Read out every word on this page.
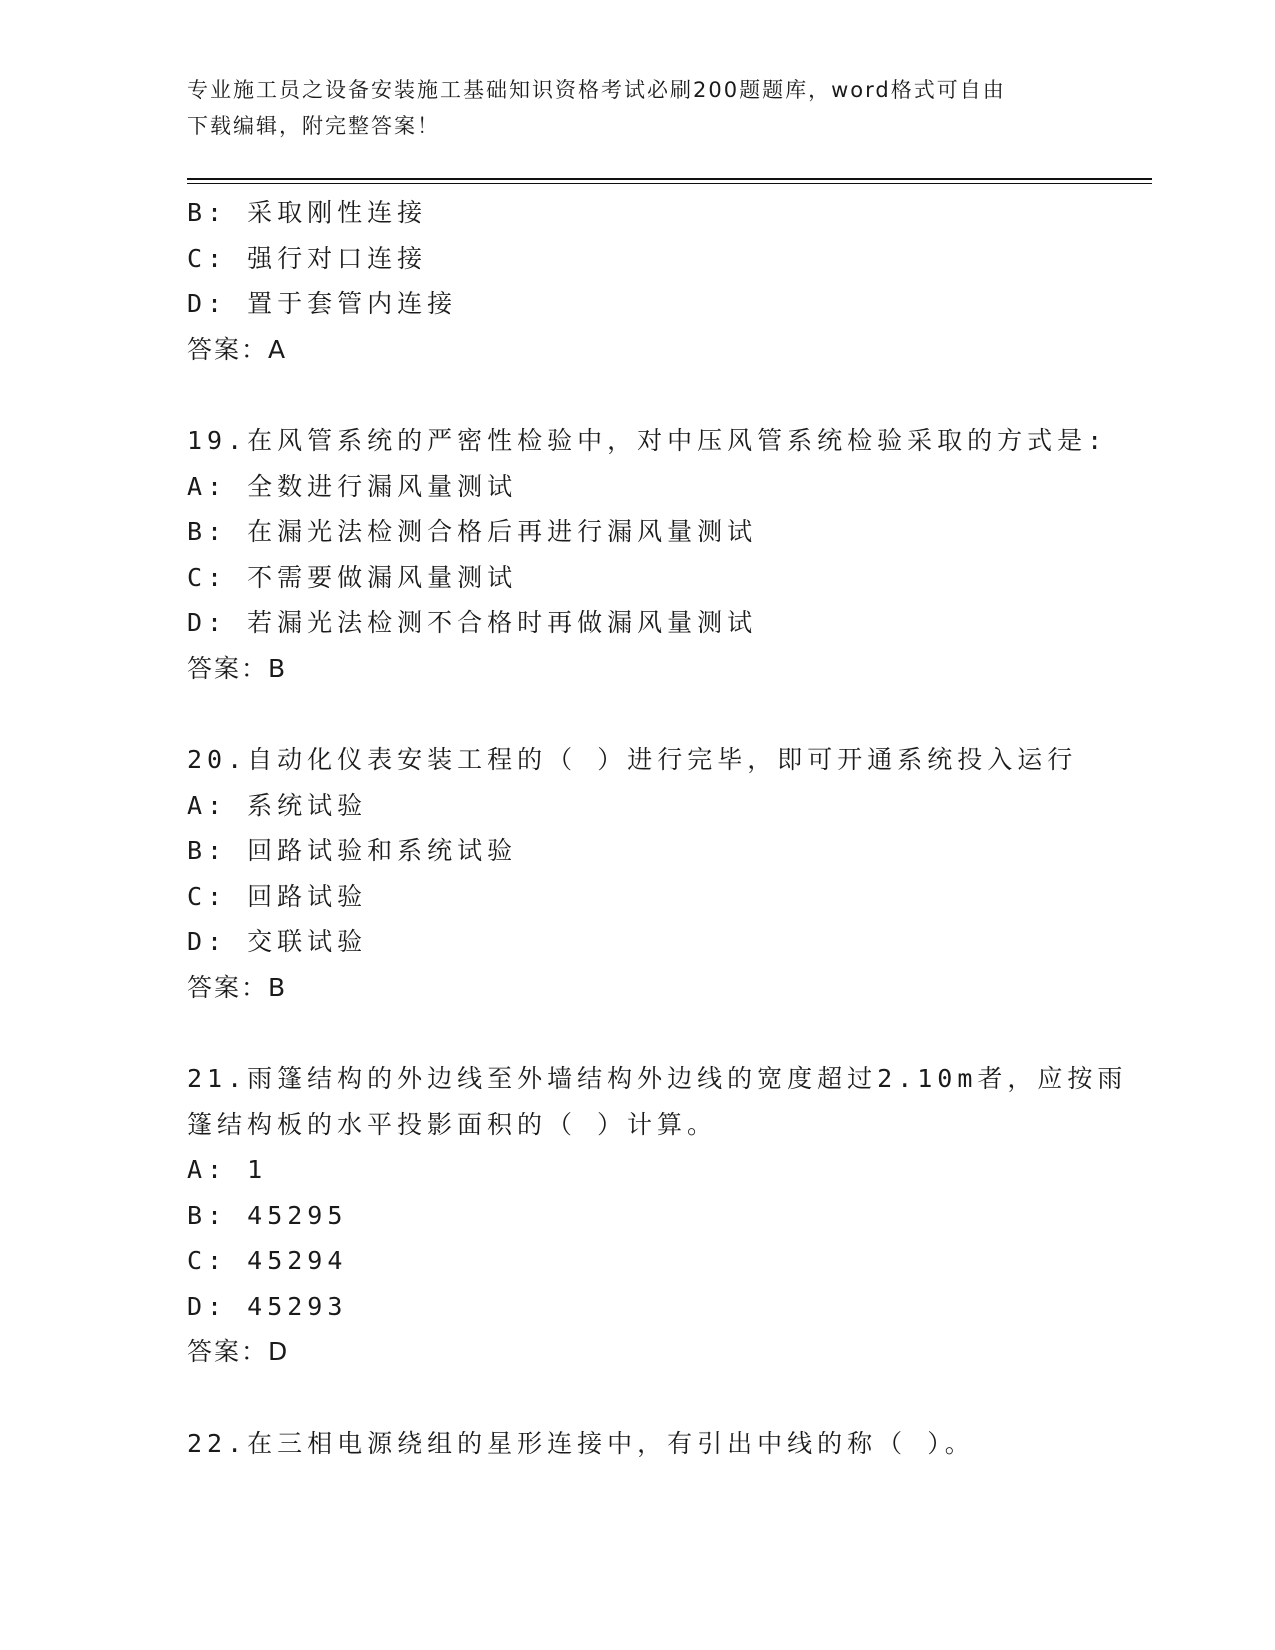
专业施工员之设备安装施工基础知识资格考试必刷200题题库，word格式可自由
下载编辑，附完整答案！
B: 采取刚性连接
C: 强行对口连接
D: 置于套管内连接
答案：A
19.在风管系统的严密性检验中，对中压风管系统检验采取的方式是:
A: 全数进行漏风量测试
B: 在漏光法检测合格后再进行漏风量测试
C: 不需要做漏风量测试
D: 若漏光法检测不合格时再做漏风量测试
答案：B
20.自动化仪表安装工程的（ ）进行完毕，即可开通系统投入运行
A: 系统试验
B: 回路试验和系统试验
C: 回路试验
D: 交联试验
答案：B
21.雨篷结构的外边线至外墙结构外边线的宽度超过2.10m者，应按雨
篷结构板的水平投影面积的（ ）计算。
A: 1
B: 45295
C: 45294
D: 45293
答案：D
22.在三相电源绕组的星形连接中，有引出中线的称（ ）。
